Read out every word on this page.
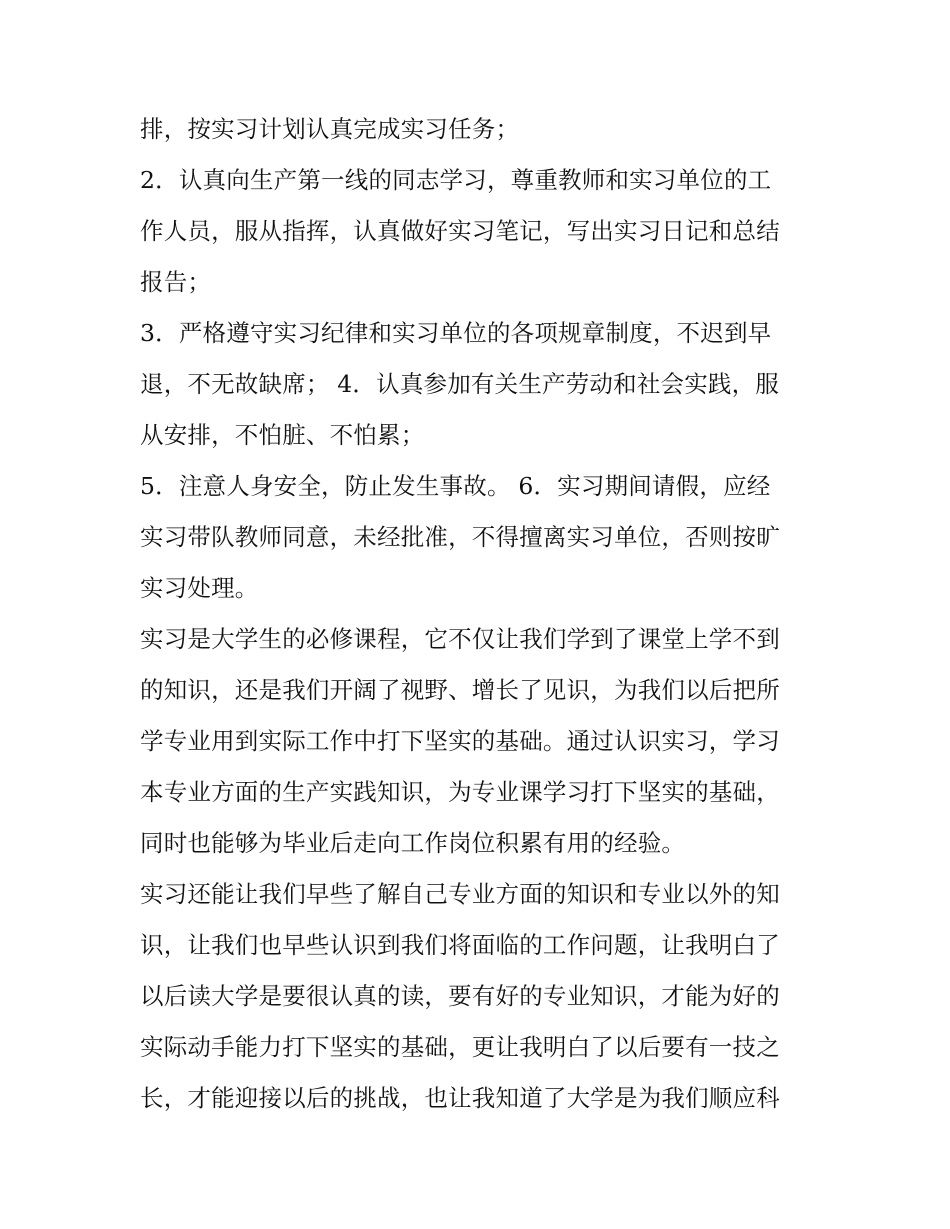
排，按实习计划认真完成实习任务；
2．认真向生产第一线的同志学习，尊重教师和实习单位的工
作人员，服从指挥，认真做好实习笔记，写出实习日记和总结
报告；
3．严格遵守实习纪律和实习单位的各项规章制度，不迟到早
退，不无故缺席； 4．认真参加有关生产劳动和社会实践，服
从安排，不怕脏、不怕累；
5．注意人身安全，防止发生事故。 6．实习期间请假，应经
实习带队教师同意，未经批准，不得擅离实习单位，否则按旷
实习处理。
实习是大学生的必修课程，它不仅让我们学到了课堂上学不到
的知识，还是我们开阔了视野、增长了见识，为我们以后把所
学专业用到实际工作中打下坚实的基础。通过认识实习，学习
本专业方面的生产实践知识，为专业课学习打下坚实的基础，
同时也能够为毕业后走向工作岗位积累有用的经验。
实习还能让我们早些了解自己专业方面的知识和专业以外的知
识，让我们也早些认识到我们将面临的工作问题，让我明白了
以后读大学是要很认真的读，要有好的专业知识，才能为好的
实际动手能力打下坚实的基础，更让我明白了以后要有一技之
长，才能迎接以后的挑战，也让我知道了大学是为我们顺应科
